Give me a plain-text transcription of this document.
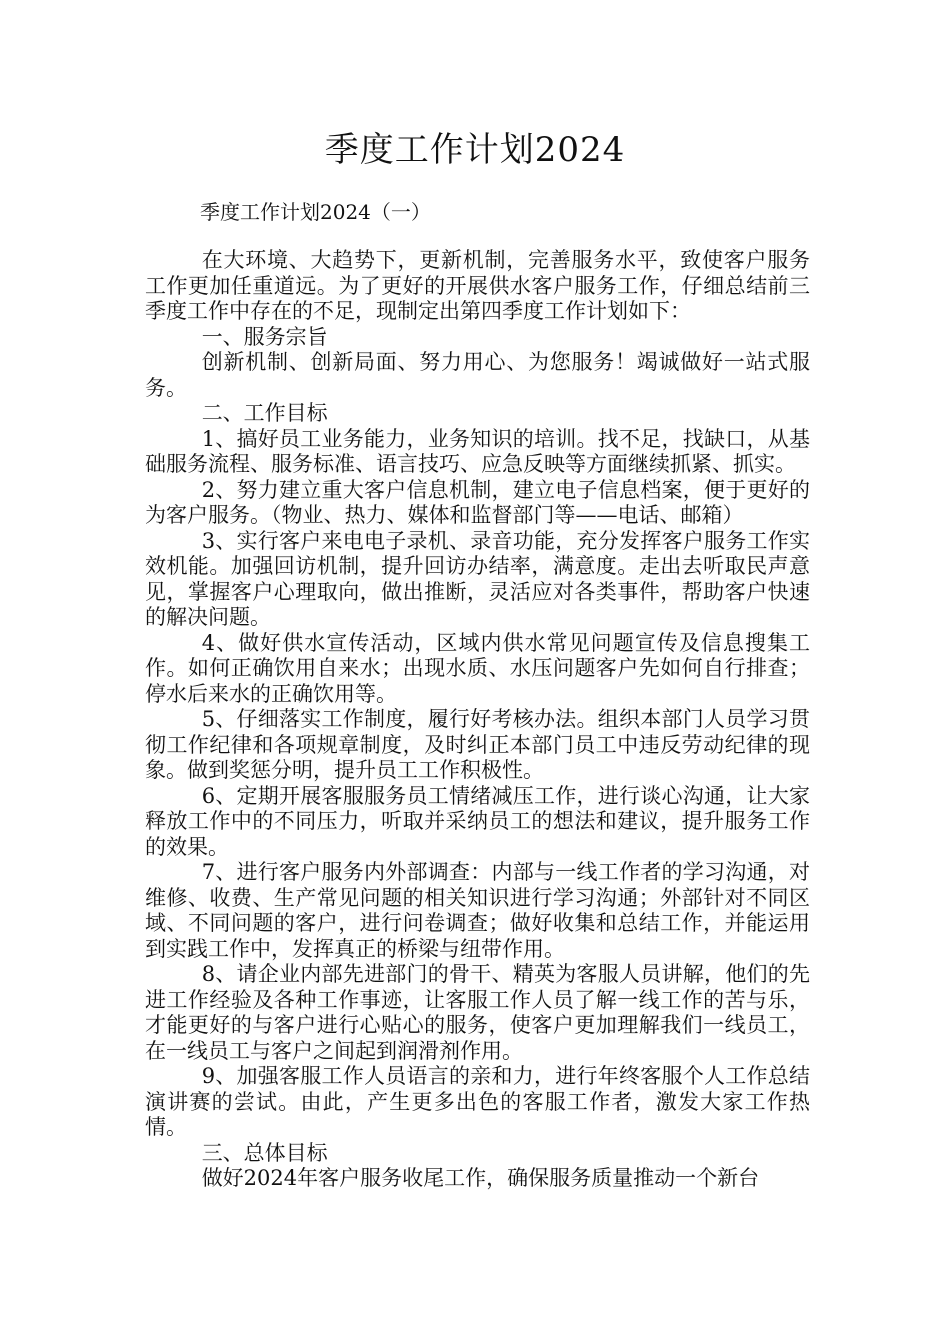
季度工作计划2024
季度工作计划2024（一）

在大环境、大趋势下，更新机制，完善服务水平，致使客户服务工作更加任重道远。为了更好的开展供水客户服务工作，仔细总结前三季度工作中存在的不足，现制定出第四季度工作计划如下：

一、服务宗旨

创新机制、创新局面、努力用心、为您服务！竭诚做好一站式服务。

二、工作目标

1、搞好员工业务能力，业务知识的培训。找不足，找缺口，从基础服务流程、服务标准、语言技巧、应急反映等方面继续抓紧、抓实。

2、努力建立重大客户信息机制，建立电子信息档案，便于更好的为客户服务。（物业、热力、媒体和监督部门等——电话、邮箱）

3、实行客户来电电子录机、录音功能，充分发挥客户服务工作实效机能。加强回访机制，提升回访办结率，满意度。走出去听取民声意见，掌握客户心理取向，做出推断，灵活应对各类事件，帮助客户快速的解决问题。

4、做好供水宣传活动，区域内供水常见问题宣传及信息搜集工作。如何正确饮用自来水；出现水质、水压问题客户先如何自行排查；停水后来水的正确饮用等。

5、仔细落实工作制度，履行好考核办法。组织本部门人员学习贯彻工作纪律和各项规章制度，及时纠正本部门员工中违反劳动纪律的现象。做到奖惩分明，提升员工工作积极性。

6、定期开展客服服务员工情绪减压工作，进行谈心沟通，让大家释放工作中的不同压力，听取并采纳员工的想法和建议，提升服务工作的效果。

7、进行客户服务内外部调查：内部与一线工作者的学习沟通，对维修、收费、生产常见问题的相关知识进行学习沟通；外部针对不同区域、不同问题的客户，进行问卷调查；做好收集和总结工作，并能运用到实践工作中，发挥真正的桥梁与纽带作用。

8、请企业内部先进部门的骨干、精英为客服人员讲解，他们的先进工作经验及各种工作事迹，让客服工作人员了解一线工作的苦与乐，才能更好的与客户进行心贴心的服务，使客户更加理解我们一线员工，在一线员工与客户之间起到润滑剂作用。

9、加强客服工作人员语言的亲和力，进行年终客服个人工作总结演讲赛的尝试。由此，产生更多出色的客服工作者，激发大家工作热情。

三、总体目标

做好2024年客户服务收尾工作，确保服务质量推动一个新台
